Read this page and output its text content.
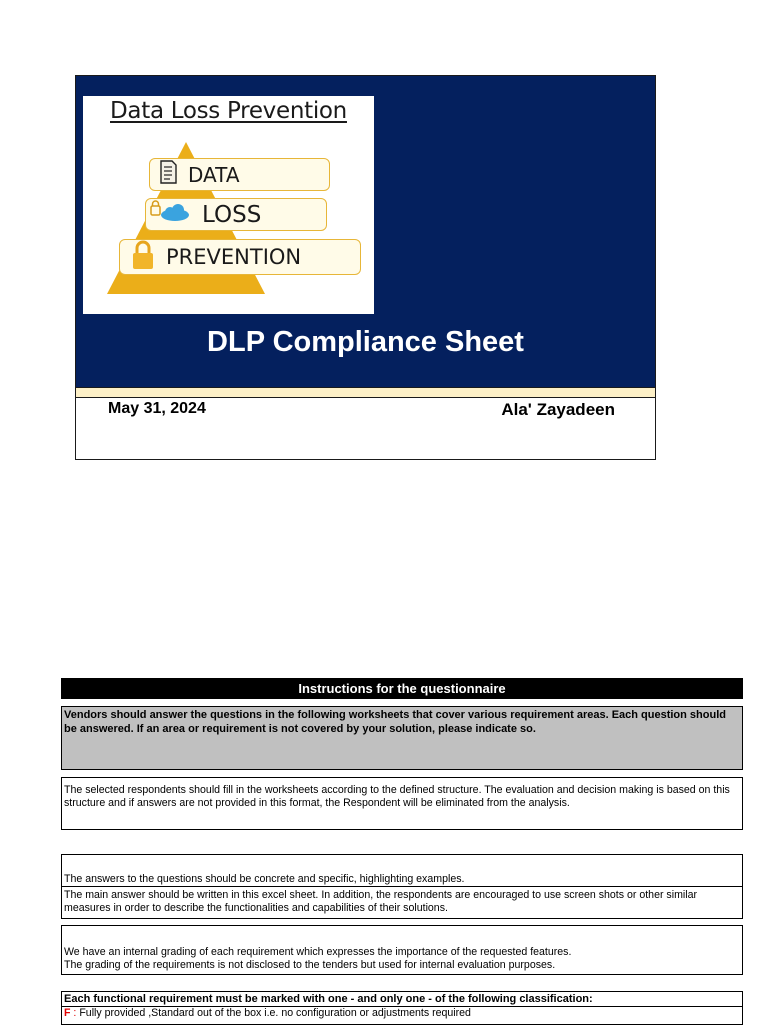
Data Loss Prevention
DATA
LOSS
PREVENTION
DLP Compliance Sheet
May 31, 2024	Ala' Zayadeen
Instructions for the questionnaire

Vendors should answer the questions in the following worksheets that cover various requirement areas. Each question should be answered. If an area or requirement is not covered by your solution, please indicate so.

The selected respondents should fill in the worksheets according to the defined structure. The evaluation and decision making is based on this structure and if answers are not provided in this format, the Respondent will be eliminated from the analysis.

The answers to the questions should be concrete and specific, highlighting examples.

The main answer should be written in this excel sheet. In addition, the respondents are encouraged to use screen shots or other similar measures in order to describe the functionalities and capabilities of their solutions.

We have an internal grading of each requirement which expresses the importance of the requested features.

The grading of the requirements is not disclosed to the tenders but used for internal evaluation purposes.

Each functional requirement must be marked with one - and only one - of the following classification:

F : Fully provided ,Standard out of the box i.e. no configuration or adjustments required
